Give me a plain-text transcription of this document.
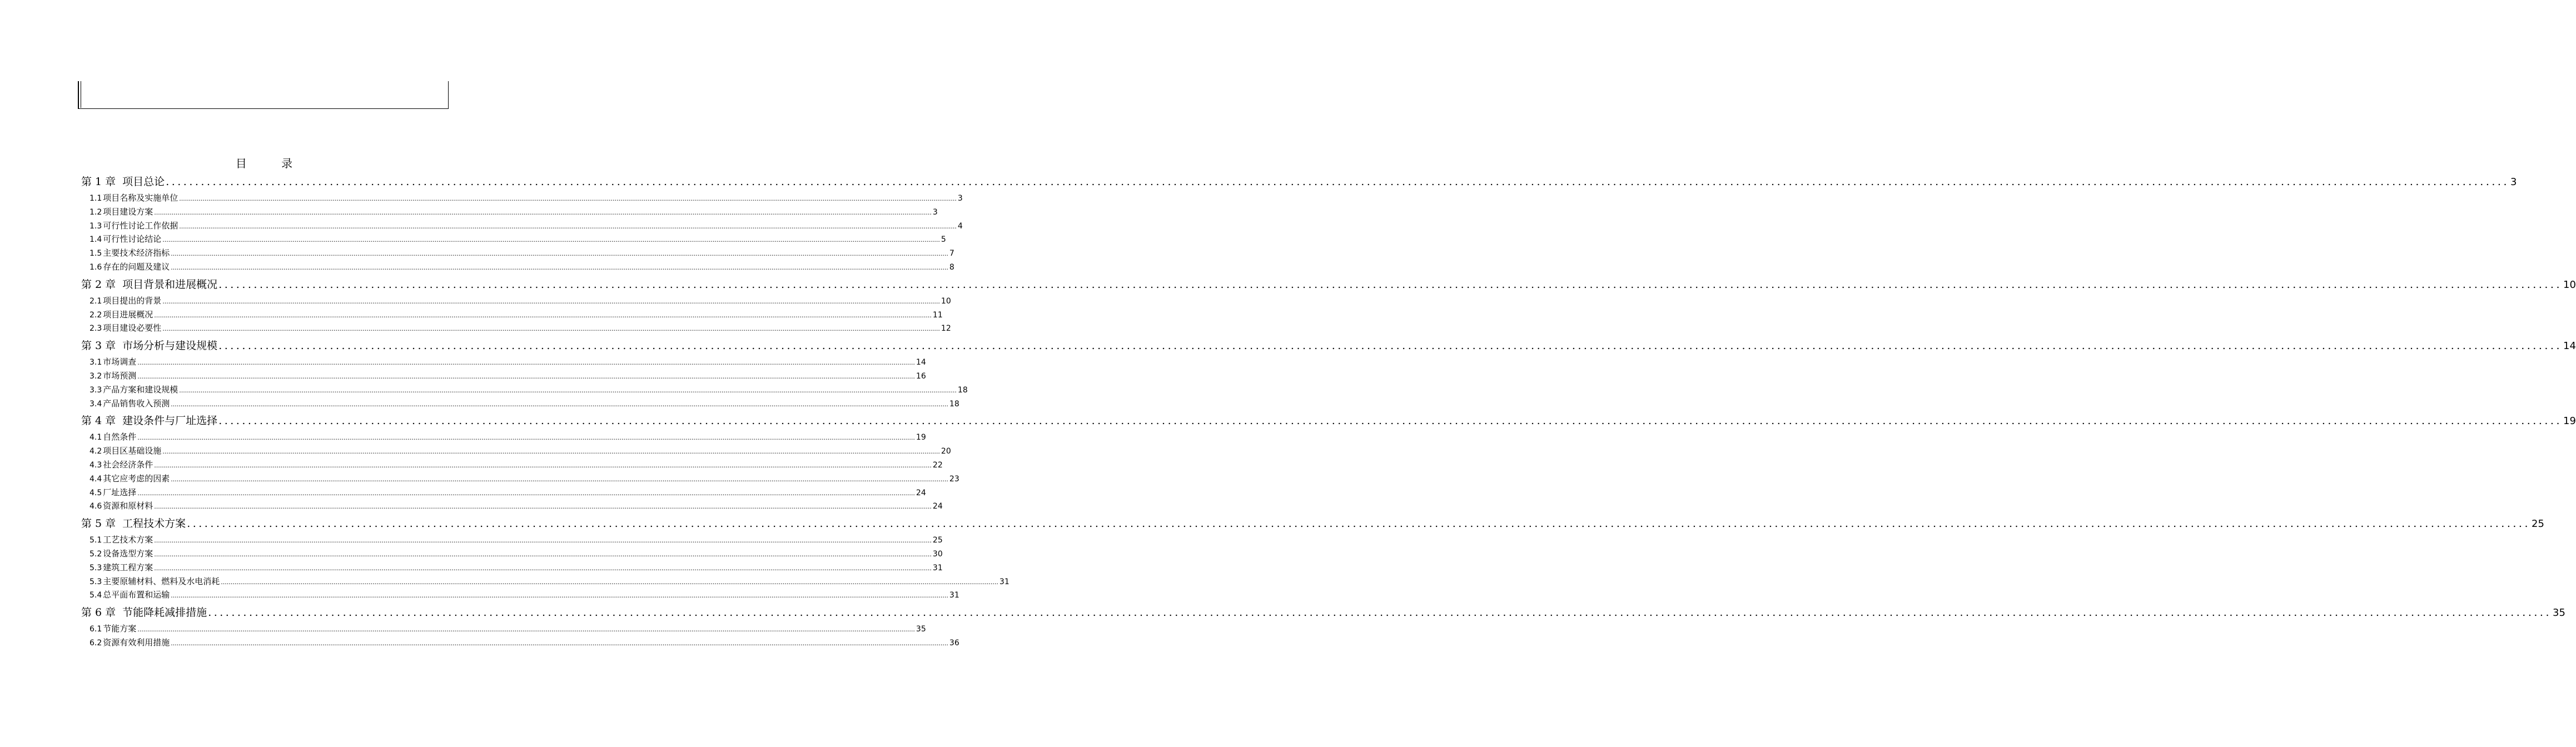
目 录
第 1 章 项目总论 ................................................................................................................................................................................................................................................................................................................................................................................................................ 3
1.1 项目名称及实施单位 ................................................................................................................................................................................................................................................................................................................................................................................................................ 3
1.2 项目建设方案 ................................................................................................................................................................................................................................................................................................................................................................................................................ 3
1.3 可行性讨论工作依据 ................................................................................................................................................................................................................................................................................................................................................................................................................ 4
1.4 可行性讨论结论 ................................................................................................................................................................................................................................................................................................................................................................................................................ 5
1.5 主要技术经济指标 ................................................................................................................................................................................................................................................................................................................................................................................................................ 7
1.6 存在的问题及建议 ................................................................................................................................................................................................................................................................................................................................................................................................................ 8
第 2 章 项目背景和进展概况 ................................................................................................................................................................................................................................................................................................................................................................................................................ 10
2.1 项目提出的背景 ................................................................................................................................................................................................................................................................................................................................................................................................................ 10
2.2 项目进展概况 ................................................................................................................................................................................................................................................................................................................................................................................................................ 11
2.3 项目建设必要性 ................................................................................................................................................................................................................................................................................................................................................................................................................ 12
第 3 章 市场分析与建设规模 ................................................................................................................................................................................................................................................................................................................................................................................................................ 14
3.1 市场调查 ................................................................................................................................................................................................................................................................................................................................................................................................................ 14
3.2 市场预测 ................................................................................................................................................................................................................................................................................................................................................................................................................ 16
3.3 产品方案和建设规模 ................................................................................................................................................................................................................................................................................................................................................................................................................ 18
3.4 产品销售收入预测 ................................................................................................................................................................................................................................................................................................................................................................................................................ 18
第 4 章 建设条件与厂址选择 ................................................................................................................................................................................................................................................................................................................................................................................................................ 19
4.1 自然条件 ................................................................................................................................................................................................................................................................................................................................................................................................................ 19
4.2 项目区基础设施 ................................................................................................................................................................................................................................................................................................................................................................................................................ 20
4.3 社会经济条件 ................................................................................................................................................................................................................................................................................................................................................................................................................ 22
4.4 其它应考虑的因素 ................................................................................................................................................................................................................................................................................................................................................................................................................ 23
4.5 厂址选择 ................................................................................................................................................................................................................................................................................................................................................................................................................ 24
4.6 资源和原材料 ................................................................................................................................................................................................................................................................................................................................................................................................................ 24
第 5 章 工程技术方案 ................................................................................................................................................................................................................................................................................................................................................................................................................ 25
5.1 工艺技术方案 ................................................................................................................................................................................................................................................................................................................................................................................................................ 25
5.2 设备选型方案 ................................................................................................................................................................................................................................................................................................................................................................................................................ 30
5.3 建筑工程方案 ................................................................................................................................................................................................................................................................................................................................................................................................................ 31
5.3 主要原辅材料、燃料及水电消耗 ................................................................................................................................................................................................................................................................................................................................................................................................................ 31
5.4 总平面布置和运输 ................................................................................................................................................................................................................................................................................................................................................................................................................ 31
第 6 章 节能降耗减排措施 ................................................................................................................................................................................................................................................................................................................................................................................................................ 35
6.1 节能方案 ................................................................................................................................................................................................................................................................................................................................................................................................................ 35
6.2 资源有效利用措施 ................................................................................................................................................................................................................................................................................................................................................................................................................ 36
